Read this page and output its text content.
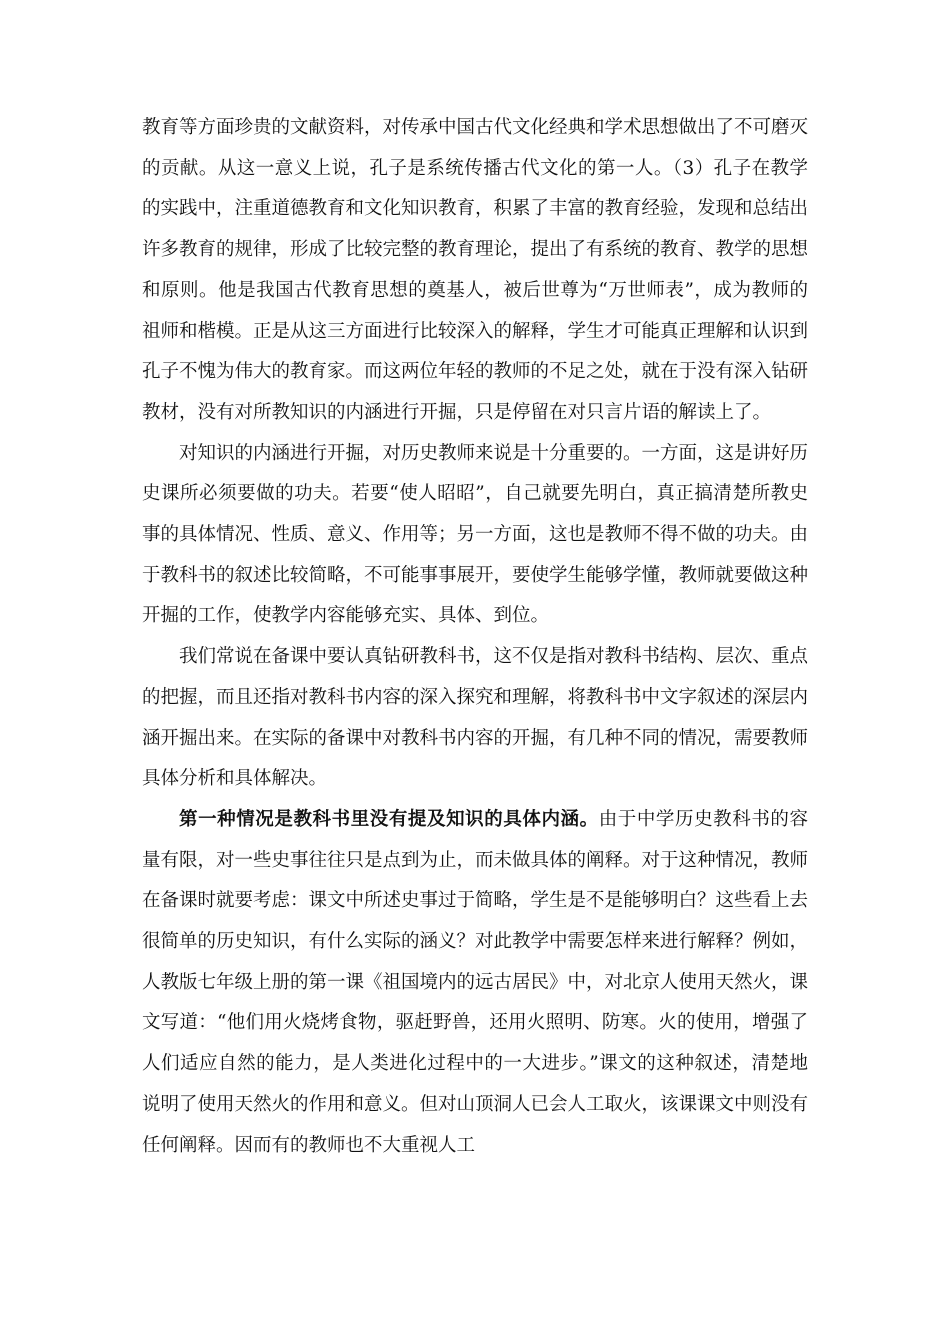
教育等方面珍贵的文献资料，对传承中国古代文化经典和学术思想做出了不可磨灭的贡献。从这一意义上说，孔子是系统传播古代文化的第一人。（3）孔子在教学的实践中，注重道德教育和文化知识教育，积累了丰富的教育经验，发现和总结出许多教育的规律，形成了比较完整的教育理论，提出了有系统的教育、教学的思想和原则。他是我国古代教育思想的奠基人，被后世尊为“万世师表”，成为教师的祖师和楷模。正是从这三方面进行比较深入的解释，学生才可能真正理解和认识到孔子不愧为伟大的教育家。而这两位年轻的教师的不足之处，就在于没有深入钻研教材，没有对所教知识的内涵进行开掘，只是停留在对只言片语的解读上了。

对知识的内涵进行开掘，对历史教师来说是十分重要的。一方面，这是讲好历史课所必须要做的功夫。若要“使人昭昭”，自己就要先明白，真正搞清楚所教史事的具体情况、性质、意义、作用等；另一方面，这也是教师不得不做的功夫。由于教科书的叙述比较简略，不可能事事展开，要使学生能够学懂，教师就要做这种开掘的工作，使教学内容能够充实、具体、到位。

我们常说在备课中要认真钻研教科书，这不仅是指对教科书结构、层次、重点的把握，而且还指对教科书内容的深入探究和理解，将教科书中文字叙述的深层内涵开掘出来。在实际的备课中对教科书内容的开掘，有几种不同的情况，需要教师具体分析和具体解决。

第一种情况是教科书里没有提及知识的具体内涵。由于中学历史教科书的容量有限，对一些史事往往只是点到为止，而未做具体的阐释。对于这种情况，教师在备课时就要考虑：课文中所述史事过于简略，学生是不是能够明白？这些看上去很简单的历史知识，有什么实际的涵义？对此教学中需要怎样来进行解释？例如，人教版七年级上册的第一课《祖国境内的远古居民》中，对北京人使用天然火，课文写道：“他们用火烧烤食物，驱赶野兽，还用火照明、防寒。火的使用，增强了人们适应自然的能力，是人类进化过程中的一大进步。”课文的这种叙述，清楚地说明了使用天然火的作用和意义。但对山顶洞人已会人工取火，该课课文中则没有任何阐释。因而有的教师也不大重视人工
